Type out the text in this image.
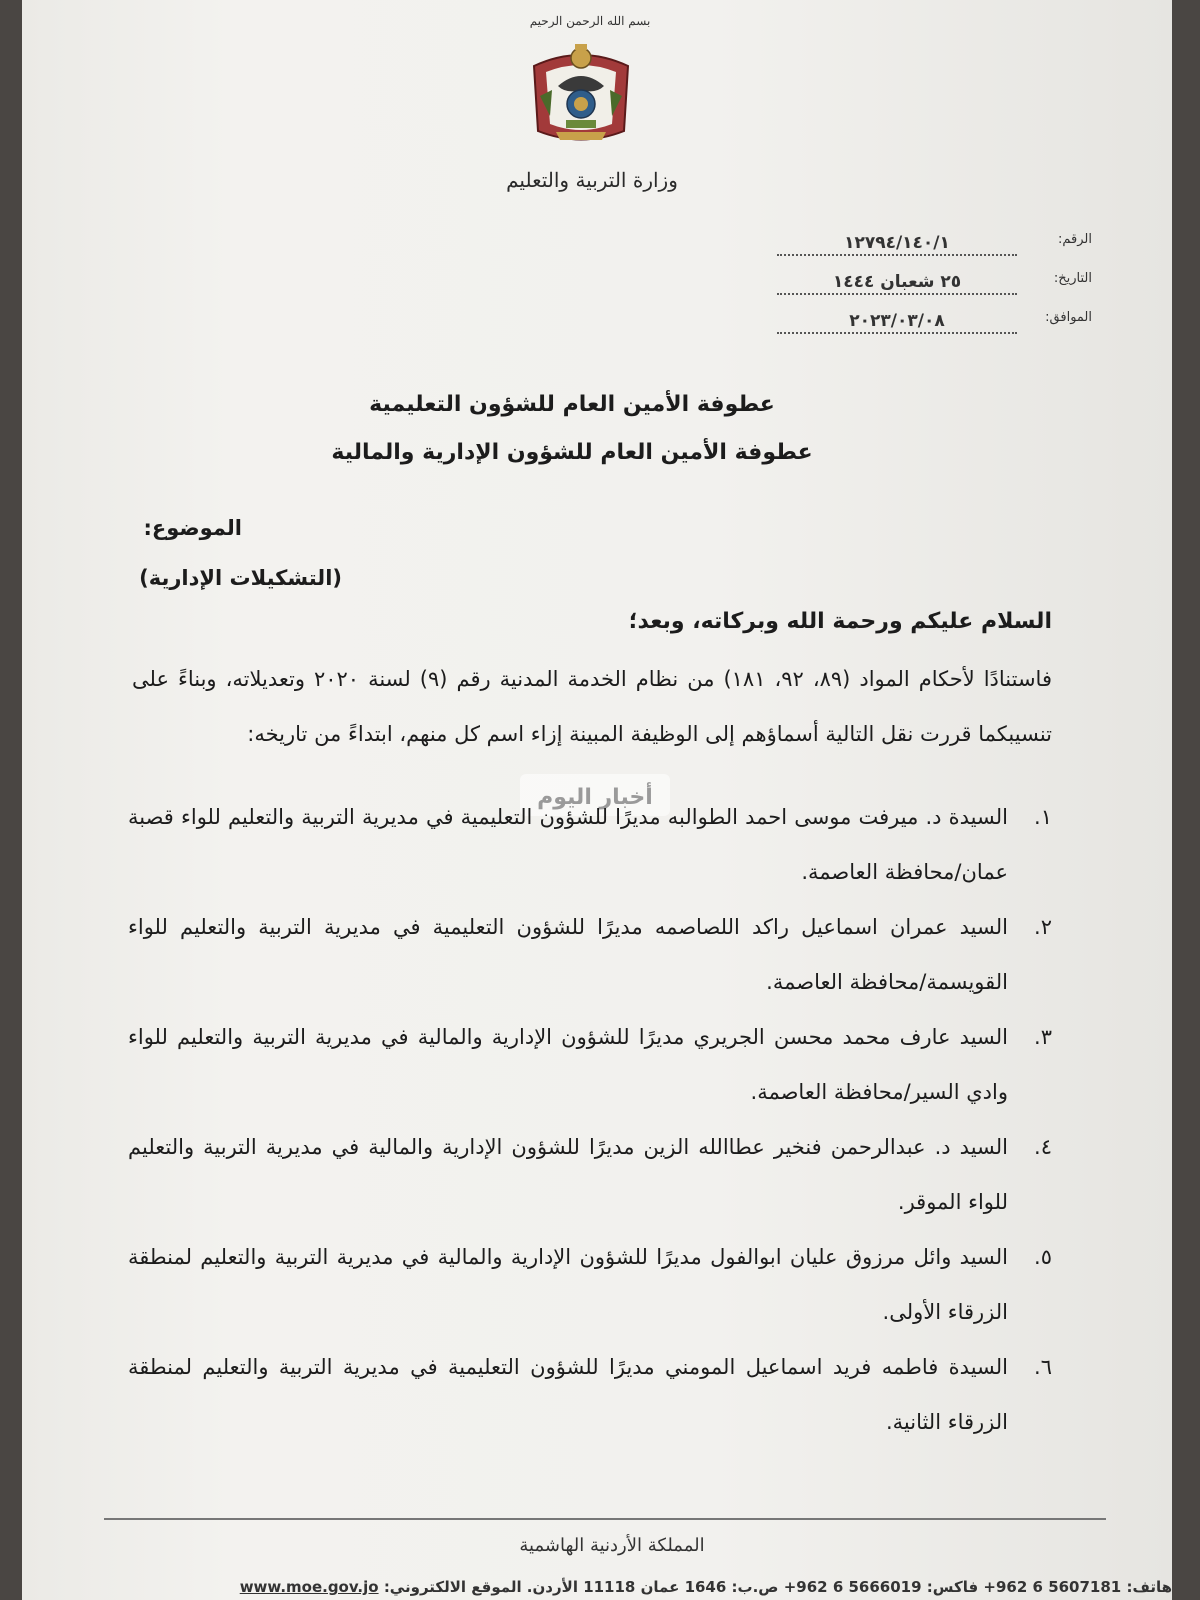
بسم الله الرحمن الرحيم
وزارة التربية والتعليم
الرقم:
١٢٧٩٤/١٤٠/١
التاريخ:
٢٥ شعبان ١٤٤٤
الموافق:
٢٠٢٣/٠٣/٠٨
عطوفة الأمين العام للشؤون التعليمية
عطوفة الأمين العام للشؤون الإدارية والمالية
الموضوع:
(التشكيلات الإدارية)
السلام عليكم ورحمة الله وبركاته، وبعد؛
فاستنادًا لأحكام المواد (٨٩، ٩٢، ١٨١) من نظام الخدمة المدنية رقم (٩) لسنة ٢٠٢٠ وتعديلاته، وبناءً على تنسيبكما قررت نقل التالية أسماؤهم إلى الوظيفة المبينة إزاء اسم كل منهم، ابتداءً من تاريخه:
أخبار اليوم
١.
السيدة د. ميرفت موسى احمد الطوالبه مديرًا للشؤون التعليمية في مديرية التربية والتعليم للواء قصبة عمان/محافظة العاصمة.
٢.
السيد عمران اسماعيل راكد اللصاصمه مديرًا للشؤون التعليمية في مديرية التربية والتعليم للواء القويسمة/محافظة العاصمة.
٣.
السيد عارف محمد محسن الجريري مديرًا للشؤون الإدارية والمالية في مديرية التربية والتعليم للواء وادي السير/محافظة العاصمة.
٤.
السيد د. عبدالرحمن فنخير عطاالله الزين مديرًا للشؤون الإدارية والمالية في مديرية التربية والتعليم للواء الموقر.
٥.
السيد وائل مرزوق عليان ابوالفول مديرًا للشؤون الإدارية والمالية في مديرية التربية والتعليم لمنطقة الزرقاء الأولى.
٦.
السيدة فاطمه فريد اسماعيل المومني مديرًا للشؤون التعليمية في مديرية التربية والتعليم لمنطقة الزرقاء الثانية.
المملكة الأردنية الهاشمية
هاتف: 5607181 6 962+ فاكس: 5666019 6 962+ ص.ب: 1646 عمان 11118 الأردن. الموقع الالكتروني: www.moe.gov.jo
